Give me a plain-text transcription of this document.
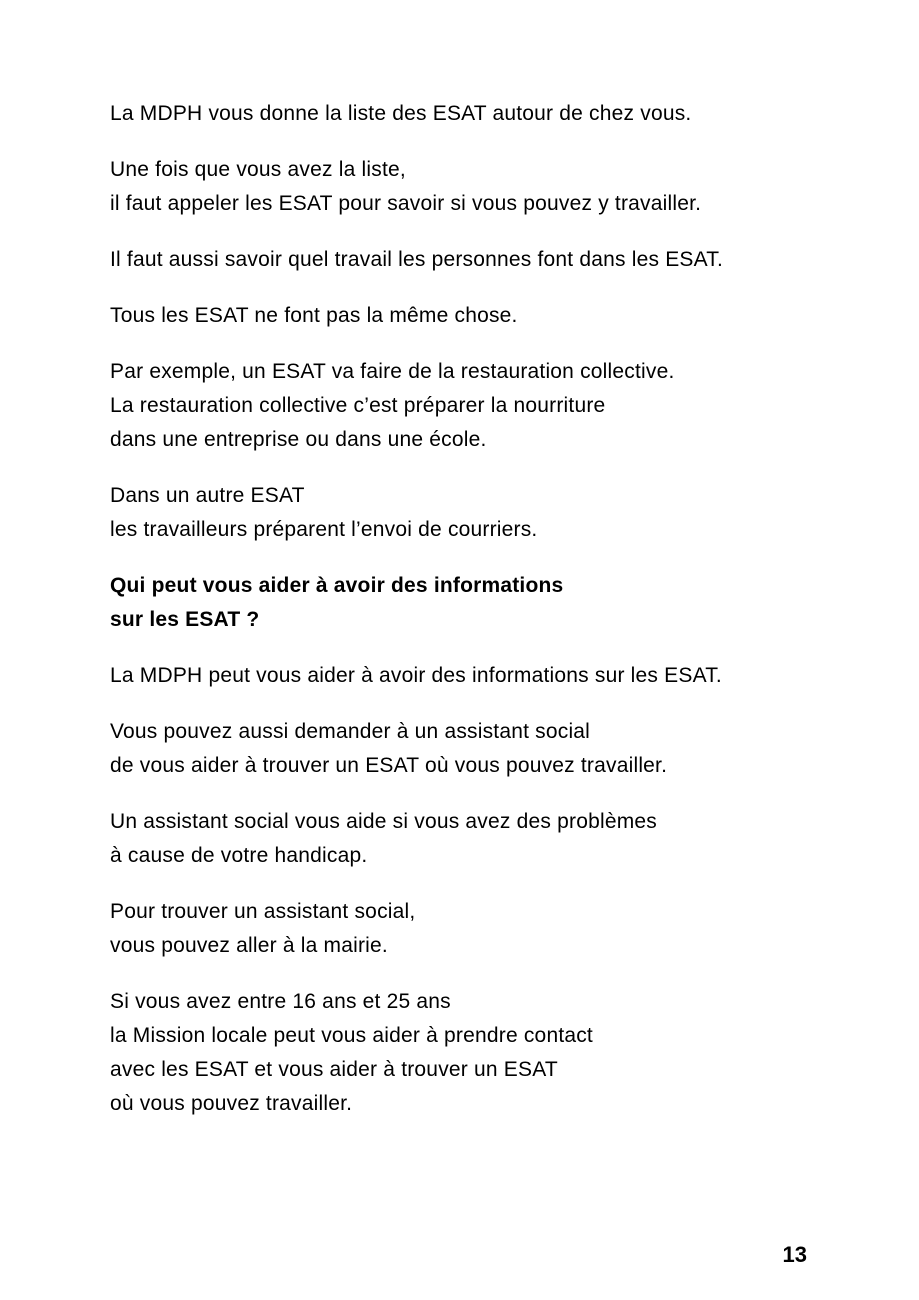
La MDPH vous donne la liste des ESAT autour de chez vous.

Une fois que vous avez la liste,
il faut appeler les ESAT pour savoir si vous pouvez y travailler.

Il faut aussi savoir quel travail les personnes font dans les ESAT.

Tous les ESAT ne font pas la même chose.

Par exemple, un ESAT va faire de la restauration collective.
La restauration collective c’est préparer la nourriture
dans une entreprise ou dans une école.

Dans un autre ESAT
les travailleurs préparent l’envoi de courriers.

Qui peut vous aider à avoir des informations
sur les ESAT ?

La MDPH peut vous aider à avoir des informations sur les ESAT.

Vous pouvez aussi demander à un assistant social
de vous aider à trouver un ESAT où vous pouvez travailler.

Un assistant social vous aide si vous avez des problèmes
à cause de votre handicap.

Pour trouver un assistant social,
vous pouvez aller à la mairie.

Si vous avez entre 16 ans et 25 ans
la Mission locale peut vous aider à prendre contact
avec les ESAT et vous aider à trouver un ESAT
où vous pouvez travailler.

13
